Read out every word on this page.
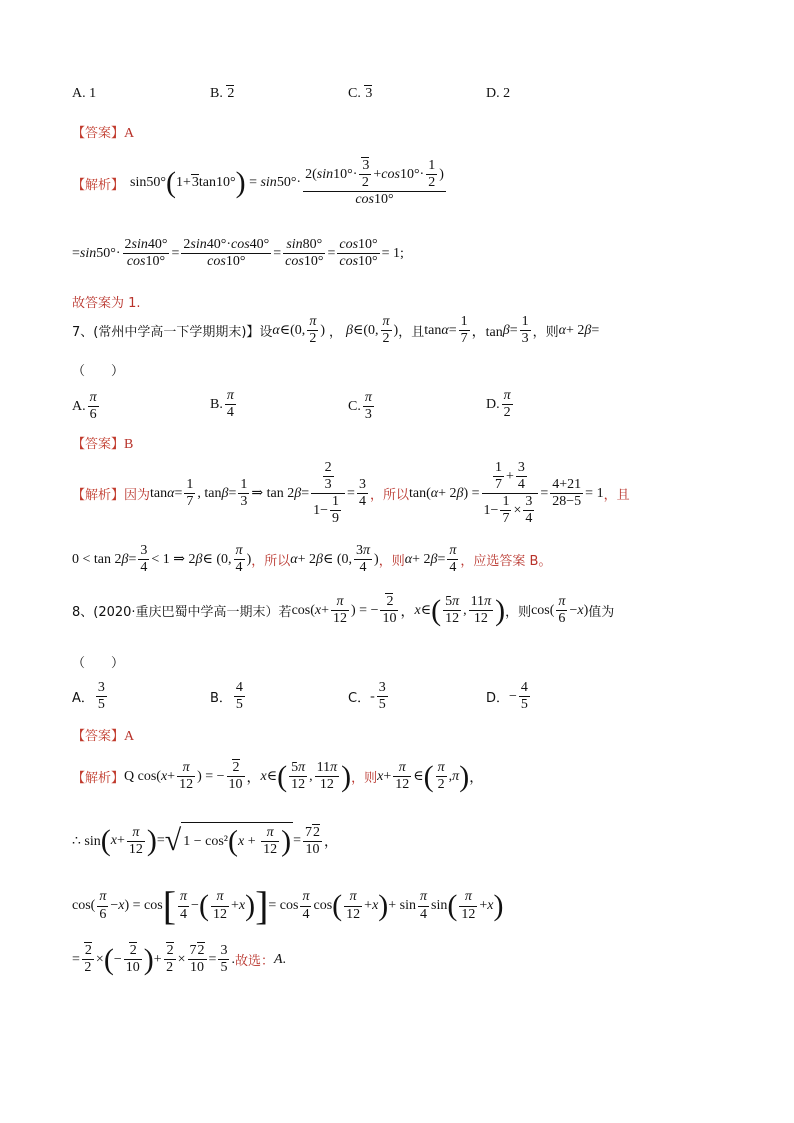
A. 1	B. 2	C. 3	D. 2
【答案】A
【解析】 $\sin 50^\circ(1+3\tan 10^\circ) = \sin 50^\circ\cdot \frac{2(\sin 10^\circ\cdot \frac{3}{2} +\cos 10^\circ\cdot \frac{1}{2} )}{\cos 10^\circ}$
= $\sin 50^\circ\cdot \frac{2\sin 40^\circ}{\cos 10^\circ} = \frac{2\sin 40^\circ\cdot\cos 40^\circ}{\cos 10^\circ} = \frac{\sin 80^\circ}{\cos 10^\circ} = \frac{\cos 10^\circ}{\cos 10^\circ} = 1$;
故答案为 1.
7、(常州中学高一下学期期末)】设 α ∈(0, $\frac{\pi}{2}$ ) ， β ∈(0, $\frac{\pi}{2}$ ) ，且 $\tan \alpha = \frac{1}{7}$ ，$\tan \beta = \frac{1}{3}$ ，则 α + 2 β =
（　　）
A. $\frac{\pi}{6}$	B. $\frac{\pi}{4}$	C. $\frac{\pi}{3}$	D. $\frac{\pi}{2}$
【答案】B
【解析】 因为 $\tan \alpha = \frac{1}{7}$ , $\tan \beta = \frac{1}{3}$ ⇒ tan 2 $\beta = \frac{\frac{2}{3}}{1- \frac{1}{9}} = \frac{3}{4}$ ，所以 tan( α + 2 β ) = $\frac{\frac{1}{7} + \frac{3}{4}}{1- \frac{1}{7} \times \frac{3}{4}} = \frac{4+21}{28-5} = 1$ ，且
0 < tan 2 $\beta = \frac{3}{4} < 1$ ⇒ 2 β ∈ (0, $\frac{\pi}{4}$ ) ，所以 α + 2 β ∈ (0, $\frac{3\pi}{4}$ ) ，则 α + 2 $\beta = \frac{\pi}{4}$ ，应选答案 B。
8、(2020·重庆巴蜀中学高一期末）若 cos( $x + \frac{\pi}{12}$ ) = − $\frac{2}{10}$ ， x ∈ ( $\frac{5\pi}{12}$ , $\frac{11\pi}{12}$ ) ，则 $\cos( \frac{\pi}{6} - x$ ) 值为
（　　）
A． $\frac{3}{5}$	B． $\frac{4}{5}$	C． - $\frac{3}{5}$	D． − $\frac{4}{5}$
【答案】A
【解析】 Q cos( $x + \frac{\pi}{12}$ ) = − $\frac{2}{10}$ ， x ∈ ( $\frac{5\pi}{12}$ , $\frac{11\pi}{12}$ ) ，则 $x + \frac{\pi}{12}$ ∈ ( $\frac{\pi}{2}$ , π ) ，
∴ sin ( $x + \frac{\pi}{12}$ ) = √ $1 - \cos^2(x + \frac{\pi}{12}$ ) = $\frac{72}{10}$ ，
$\cos( \frac{\pi}{6} - x$ ) = cos [ $\frac{\pi}{4}$ − ( $\frac{\pi}{12} + x$ ) ] = $\cos \frac{\pi}{4}$ cos ( $\frac{\pi}{12} + x$ ) + $\sin \frac{\pi}{4}$ sin ( $\frac{\pi}{12} + x$ )
= $\frac{2}{2}$ × ( − $\frac{2}{10}$ ) + $\frac{2}{2} \times \frac{72}{10} = \frac{3}{5}$ . 故选： A .
